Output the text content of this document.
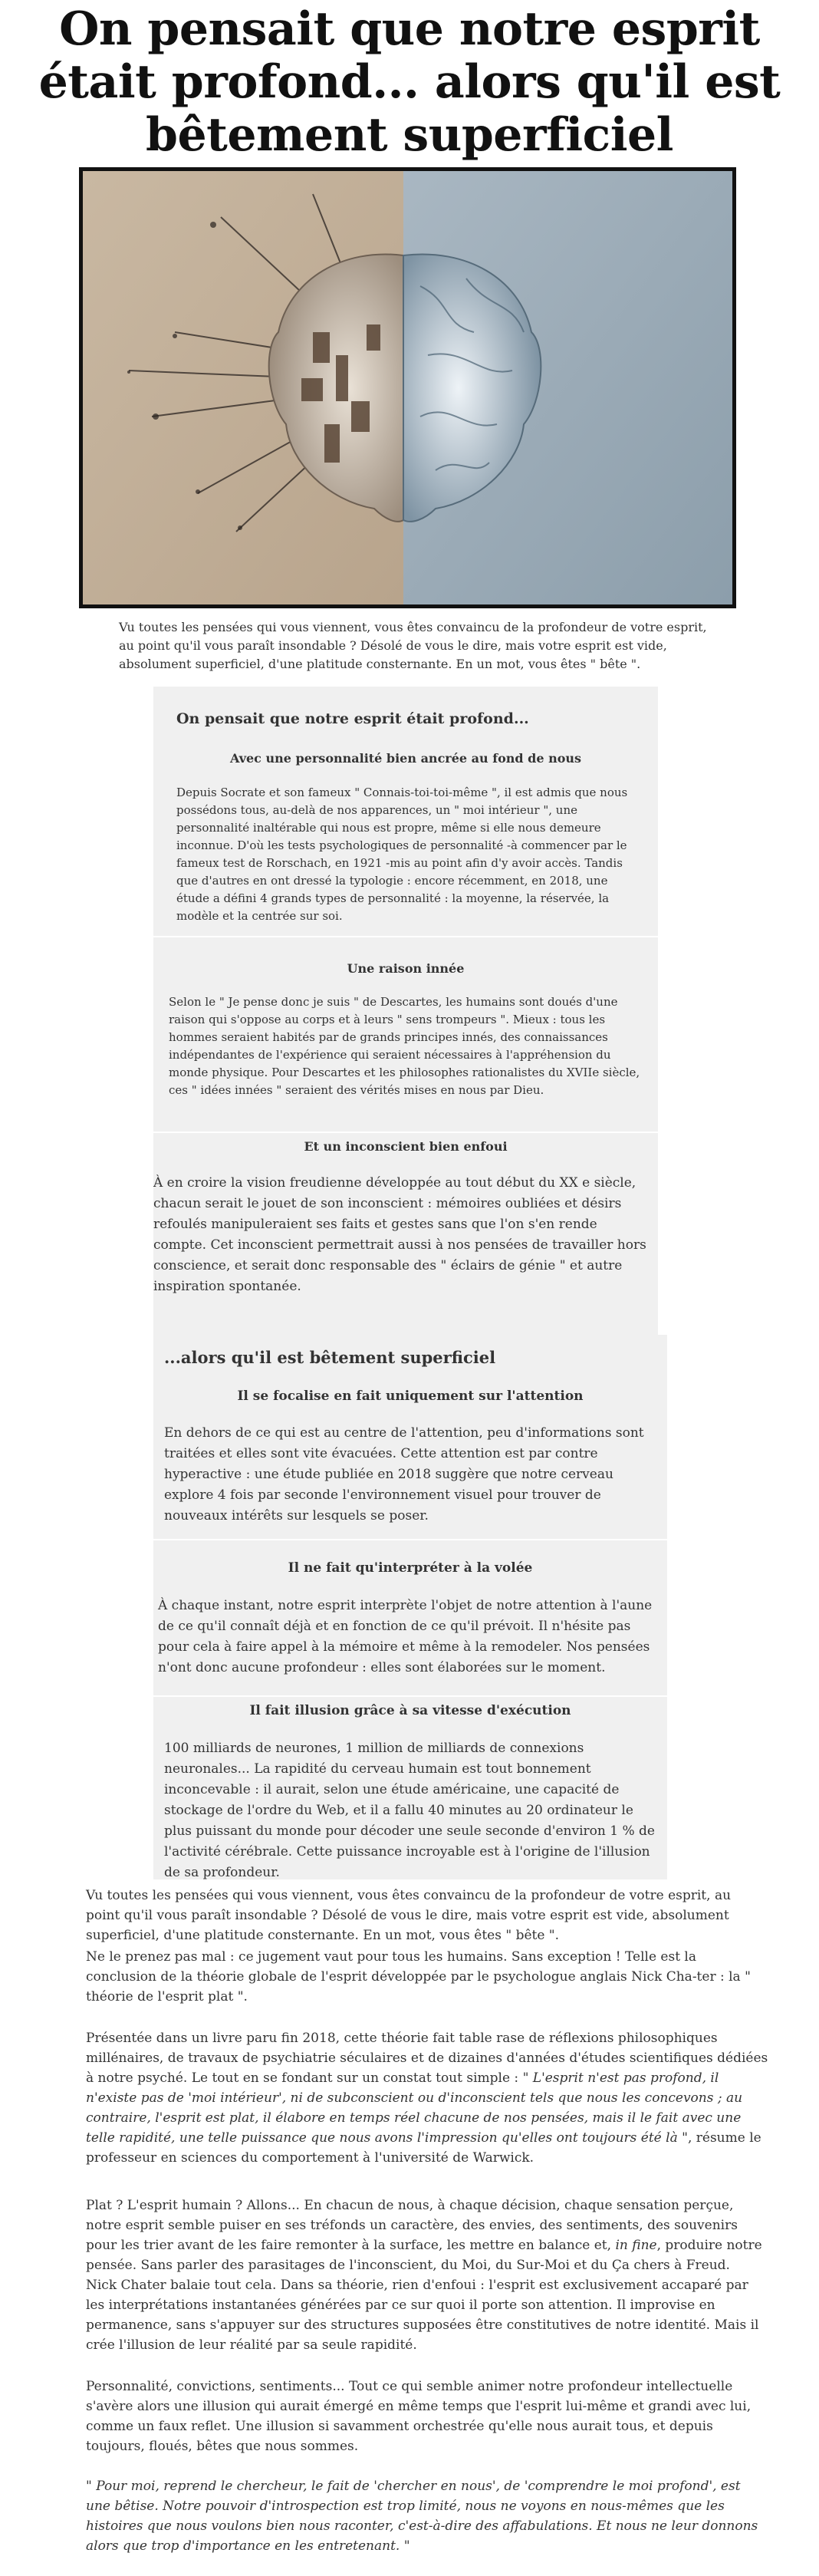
On pensait que notre esprit était profond... alors qu'il est bêtement superficiel

Vu toutes les pensées qui vous viennent, vous êtes convaincu de la profondeur de votre esprit, au point qu'il vous paraît insondable ? Désolé de vous le dire, mais votre esprit est vide, absolument superficiel, d'une platitude consternante. En un mot, vous êtes " bête ".

On pensait que notre esprit était profond...

Avec une personnalité bien ancrée au fond de nous

Depuis Socrate et son fameux " Connais-toi-toi-même ", il est admis que nous possédons tous, au-delà de nos apparences, un " moi intérieur ", une personnalité inaltérable qui nous est propre, même si elle nous demeure inconnue. D'où les tests psychologiques de personnalité -à commencer par le fameux test de Rorschach, en 1921 -mis au point afin d'y avoir accès. Tandis que d'autres en ont dressé la typologie : encore récemment, en 2018, une étude a défini 4 grands types de personnalité : la moyenne, la réservée, la modèle et la centrée sur soi.

Une raison innée

Selon le " Je pense donc je suis " de Descartes, les humains sont doués d'une raison qui s'oppose au corps et à leurs " sens trompeurs ". Mieux : tous les hommes seraient habités par de grands principes innés, des connaissances indépendantes de l'expérience qui seraient nécessaires à l'appréhension du monde physique. Pour Descartes et les philosophes rationalistes du XVIIe siècle, ces " idées innées " seraient des vérités mises en nous par Dieu.

Et un inconscient bien enfoui

À en croire la vision freudienne développée au tout début du XX e siècle, chacun serait le jouet de son inconscient : mémoires oubliées et désirs refoulés manipuleraient ses faits et gestes sans que l'on s'en rende compte. Cet inconscient permettrait aussi à nos pensées de travailler hors conscience, et serait donc responsable des " éclairs de génie " et autre inspiration spontanée.

...alors qu'il est bêtement superficiel

Il se focalise en fait uniquement sur l'attention

En dehors de ce qui est au centre de l'attention, peu d'informations sont traitées et elles sont vite évacuées. Cette attention est par contre hyperactive : une étude publiée en 2018 suggère que notre cerveau explore 4 fois par seconde l'environnement visuel pour trouver de nouveaux intérêts sur lesquels se poser.

Il ne fait qu'interpréter à la volée

À chaque instant, notre esprit interprète l'objet de notre attention à l'aune de ce qu'il connaît déjà et en fonction de ce qu'il prévoit. Il n'hésite pas pour cela à faire appel à la mémoire et même à la remodeler. Nos pensées n'ont donc aucune profondeur : elles sont élaborées sur le moment.

Il fait illusion grâce à sa vitesse d'exécution

100 milliards de neurones, 1 million de milliards de connexions neuronales... La rapidité du cerveau humain est tout bonnement inconcevable : il aurait, selon une étude américaine, une capacité de stockage de l'ordre du Web, et il a fallu 40 minutes au 20 ordinateur le plus puissant du monde pour décoder une seule seconde d'environ 1 % de l'activité cérébrale. Cette puissance incroyable est à l'origine de l'illusion de sa profondeur.

Vu toutes les pensées qui vous viennent, vous êtes convaincu de la profondeur de votre esprit, au point qu'il vous paraît insondable ? Désolé de vous le dire, mais votre esprit est vide, absolument superficiel, d'une platitude consternante. En un mot, vous êtes " bête ".

Ne le prenez pas mal : ce jugement vaut pour tous les humains. Sans exception ! Telle est la conclusion de la théorie globale de l'esprit développée par le psychologue anglais Nick Cha-ter : la " théorie de l'esprit plat ".

Présentée dans un livre paru fin 2018, cette théorie fait table rase de réflexions philosophiques millénaires, de travaux de psychiatrie séculaires et de dizaines d'années d'études scientifiques dédiées à notre psyché. Le tout en se fondant sur un constat tout simple : " L'esprit n'est pas profond, il n'existe pas de 'moi intérieur', ni de subconscient ou d'inconscient tels que nous les concevons ; au contraire, l'esprit est plat, il élabore en temps réel chacune de nos pensées, mais il le fait avec une telle rapidité, une telle puissance que nous avons l'impression qu'elles ont toujours été là ", résume le professeur en sciences du comportement à l'université de Warwick.

Plat ? L'esprit humain ? Allons... En chacun de nous, à chaque décision, chaque sensation perçue, notre esprit semble puiser en ses tréfonds un caractère, des envies, des sentiments, des souvenirs pour les trier avant de les faire remonter à la surface, les mettre en balance et, in fine, produire notre pensée. Sans parler des parasitages de l'inconscient, du Moi, du Sur-Moi et du Ça chers à Freud.

Nick Chater balaie tout cela. Dans sa théorie, rien d'enfoui : l'esprit est exclusivement accaparé par les interprétations instantanées générées par ce sur quoi il porte son attention. Il improvise en permanence, sans s'appuyer sur des structures supposées être constitutives de notre identité. Mais il crée l'illusion de leur réalité par sa seule rapidité.

Personnalité, convictions, sentiments... Tout ce qui semble animer notre profondeur intellectuelle s'avère alors une illusion qui aurait émergé en même temps que l'esprit lui-même et grandi avec lui, comme un faux reflet. Une illusion si savamment orchestrée qu'elle nous aurait tous, et depuis toujours, floués, bêtes que nous sommes.

" Pour moi, reprend le chercheur, le fait de 'chercher en nous', de 'comprendre le moi profond', est une bêtise. Notre pouvoir d'introspection est trop limité, nous ne voyons en nous-mêmes que les histoires que nous voulons bien nous raconter, c'est-à-dire des affabulations. Et nous ne leur donnons alors que trop d'importance en les entretenant. "
